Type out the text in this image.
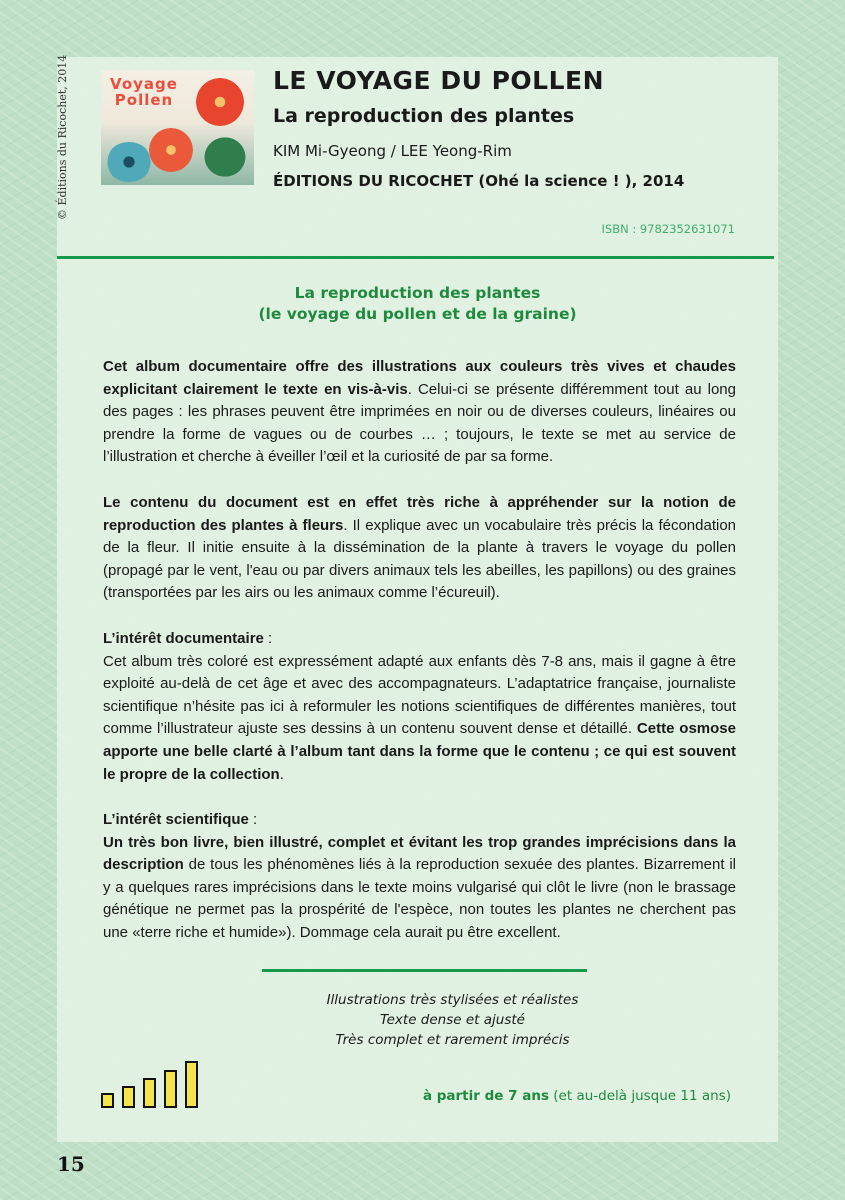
© Éditions du Ricochet, 2014	Voyage
Pollen
LE VOYAGE DU POLLEN
La reproduction des plantes
KIM Mi-Gyeong / LEE Yeong-Rim
ÉDITIONS DU RICOCHET (Ohé la science ! ), 2014
ISBN : 9782352631071
La reproduction des plantes
(le voyage du pollen et de la graine)

Cet album documentaire offre des illustrations aux couleurs très vives et chaudes explicitant clairement le texte en vis-à-vis. Celui-ci se présente différemment tout au long des pages : les phrases peuvent être imprimées en noir ou de diverses couleurs, linéaires ou prendre la forme de vagues ou de courbes … ; toujours, le texte se met au service de l’illustration et cherche à éveiller l’œil et la curiosité de par sa forme.

Le contenu du document est en effet très riche à appréhender sur la notion de reproduction des plantes à fleurs. Il explique avec un vocabulaire très précis la fécondation de la fleur. Il initie ensuite à la dissémination de la plante à travers le voyage du pollen (propagé par le vent, l'eau ou par divers animaux tels les abeilles, les papillons) ou des graines (transportées par les airs ou les animaux comme l’écureuil).

L’intérêt documentaire :

Cet album très coloré est expressément adapté aux enfants dès 7-8 ans, mais il gagne à être exploité au-delà de cet âge et avec des accompagnateurs. L’adaptatrice française, journaliste scientifique n’hésite pas ici à reformuler les notions scientifiques de différentes manières, tout comme l’illustrateur ajuste ses dessins à un contenu souvent dense et détaillé. Cette osmose apporte une belle clarté à l’album tant dans la forme que le contenu ; ce qui est souvent le propre de la collection.

L’intérêt scientifique :

Un très bon livre, bien illustré, complet et évitant les trop grandes imprécisions dans la description de tous les phénomènes liés à la reproduction sexuée des plantes. Bizarrement il y a quelques rares imprécisions dans le texte moins vulgarisé qui clôt le livre (non le brassage génétique ne permet pas la prospérité de l'espèce, non toutes les plantes ne cherchent pas une «terre riche et humide»). Dommage cela aurait pu être excellent.

Illustrations très stylisées et réalistes
Texte dense et ajusté
Très complet et rarement imprécis
à partir de 7 ans (et au-delà jusque 11 ans)
15
